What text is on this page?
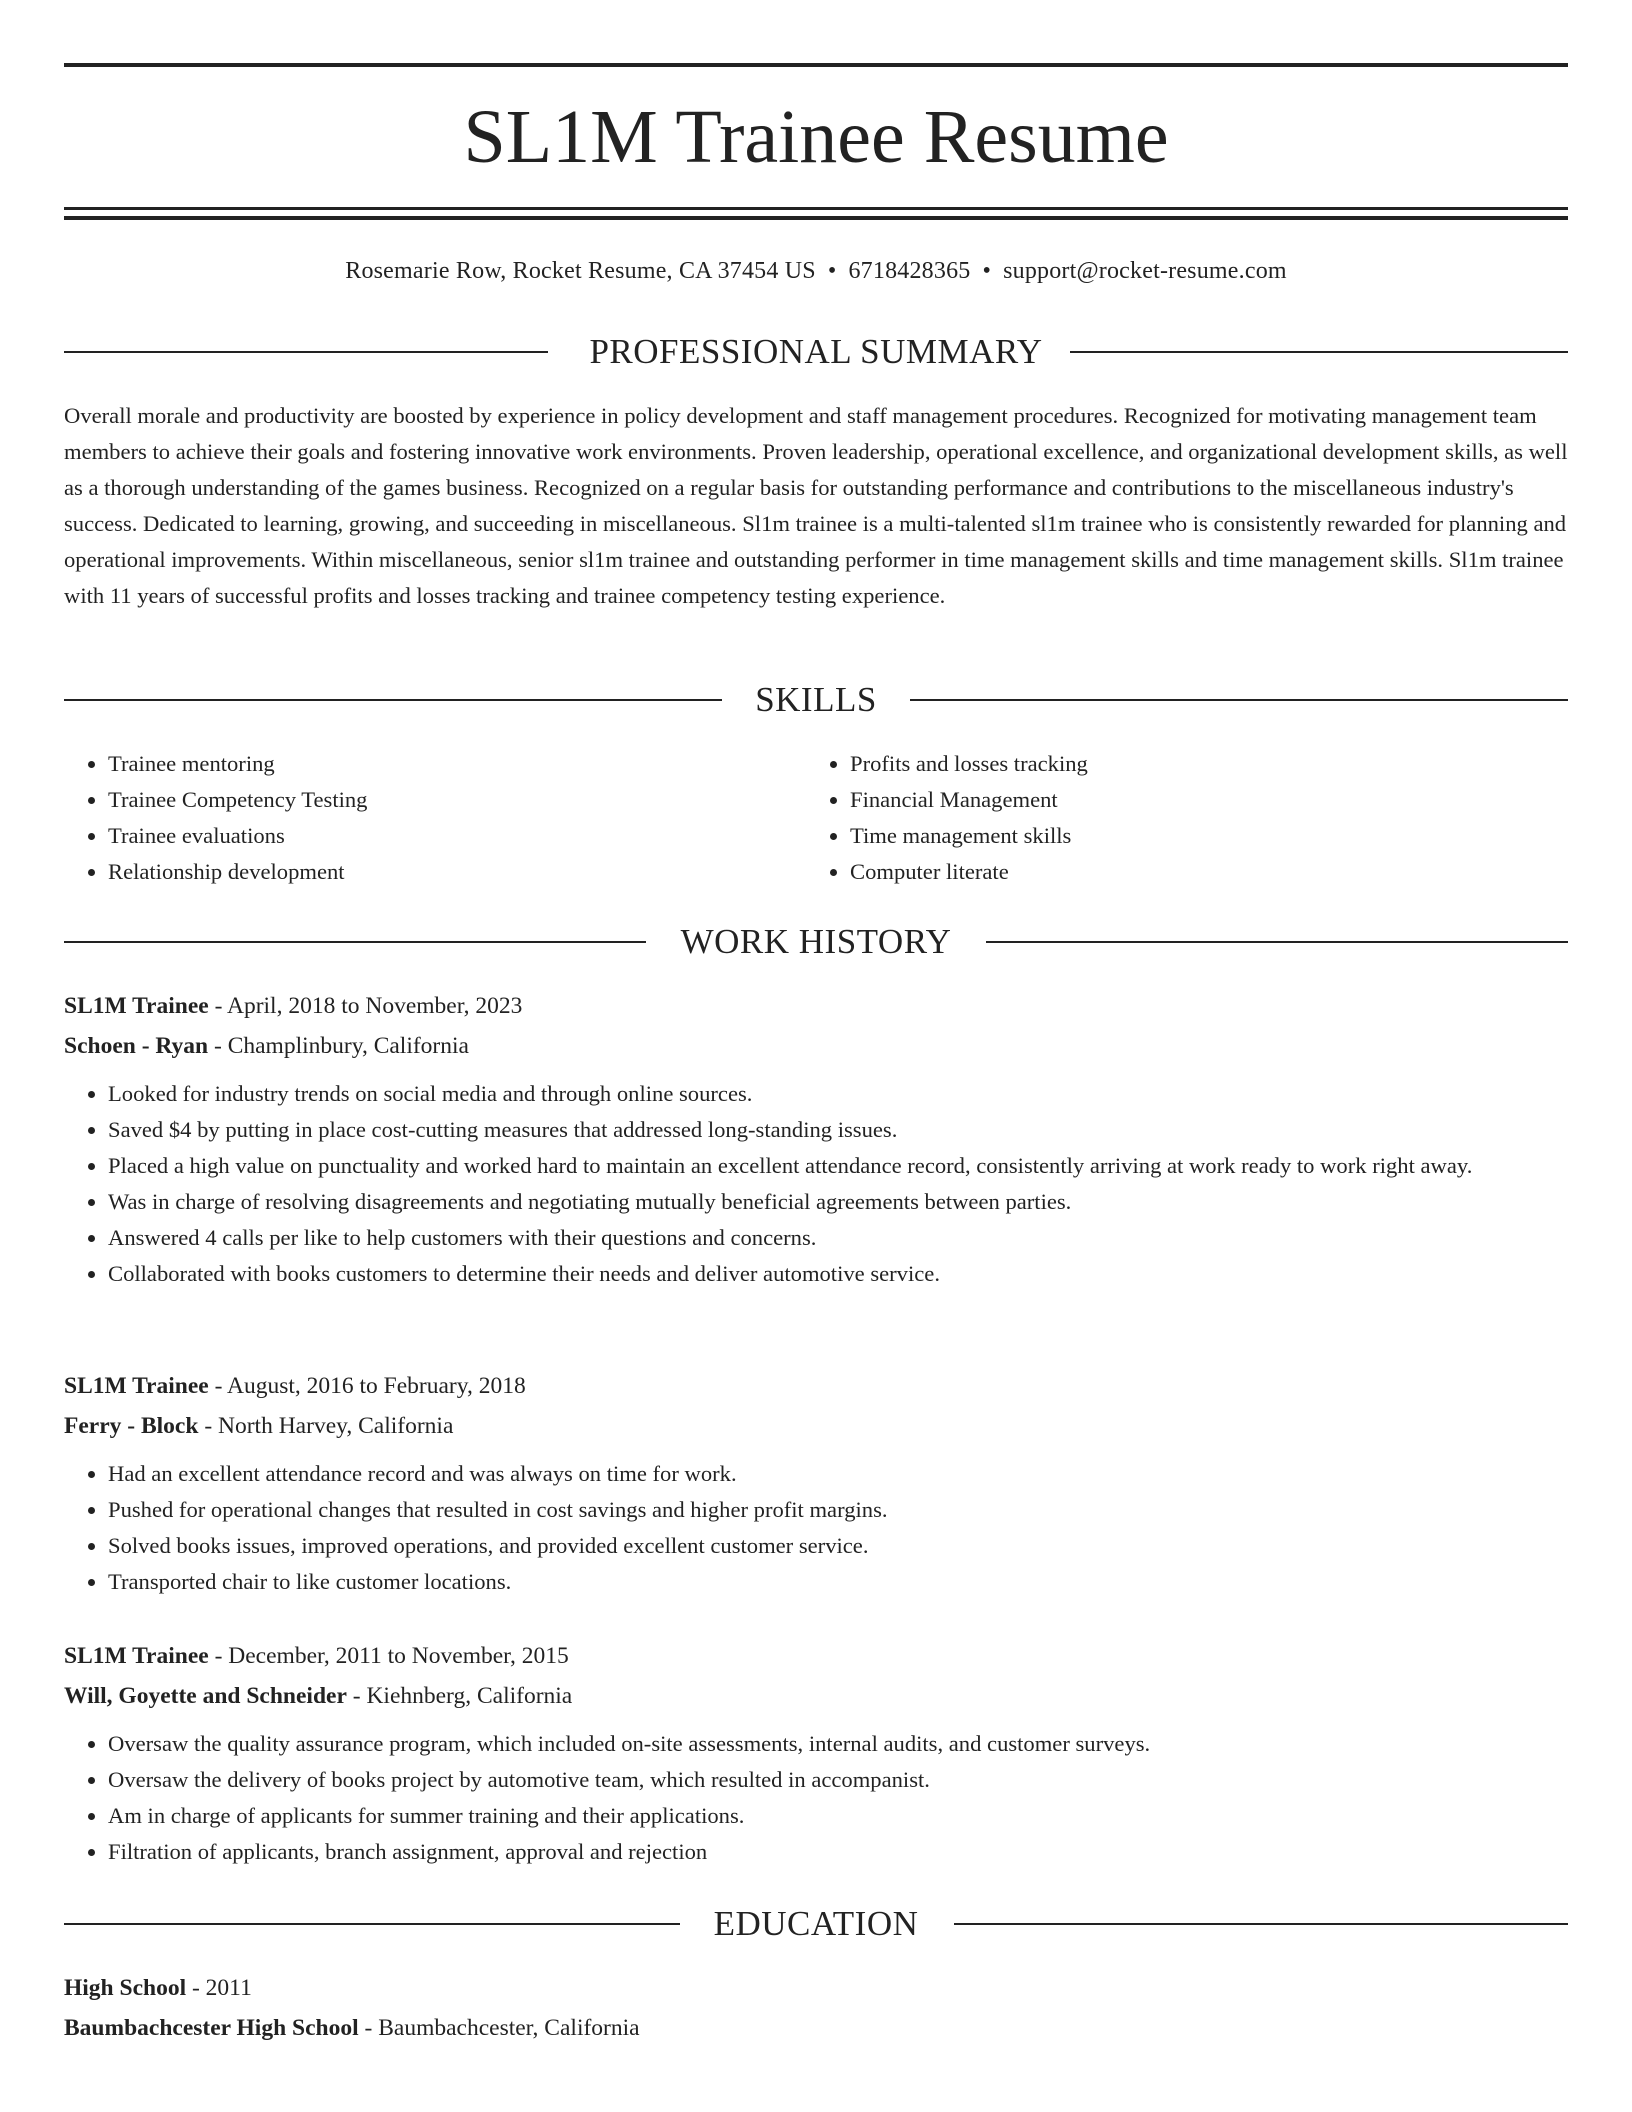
SL1M Trainee Resume
Rosemarie Row, Rocket Resume, CA 37454 US • 6718428365 • support@rocket-resume.com
PROFESSIONAL SUMMARY

Overall morale and productivity are boosted by experience in policy development and staff management procedures. Recognized for motivating management team members to achieve their goals and fostering innovative work environments. Proven leadership, operational excellence, and organizational development skills, as well as a thorough understanding of the games business. Recognized on a regular basis for outstanding performance and contributions to the miscellaneous industry's success. Dedicated to learning, growing, and succeeding in miscellaneous. Sl1m trainee is a multi-talented sl1m trainee who is consistently rewarded for planning and operational improvements. Within miscellaneous, senior sl1m trainee and outstanding performer in time management skills and time management skills. Sl1m trainee with 11 years of successful profits and losses tracking and trainee competency testing experience.

SKILLS
• Trainee mentoring
• Trainee Competency Testing
• Trainee evaluations
• Relationship development
• Profits and losses tracking
• Financial Management
• Time management skills
• Computer literate
WORK HISTORY
SL1M Trainee - April, 2018 to November, 2023
Schoen - Ryan - Champlinbury, California
• Looked for industry trends on social media and through online sources.
• Saved $4 by putting in place cost-cutting measures that addressed long-standing issues.
• Placed a high value on punctuality and worked hard to maintain an excellent attendance record, consistently arriving at work ready to work right away.
• Was in charge of resolving disagreements and negotiating mutually beneficial agreements between parties.
• Answered 4 calls per like to help customers with their questions and concerns.
• Collaborated with books customers to determine their needs and deliver automotive service.
SL1M Trainee - August, 2016 to February, 2018
Ferry - Block - North Harvey, California
• Had an excellent attendance record and was always on time for work.
• Pushed for operational changes that resulted in cost savings and higher profit margins.
• Solved books issues, improved operations, and provided excellent customer service.
• Transported chair to like customer locations.
SL1M Trainee - December, 2011 to November, 2015
Will, Goyette and Schneider - Kiehnberg, California
• Oversaw the quality assurance program, which included on-site assessments, internal audits, and customer surveys.
• Oversaw the delivery of books project by automotive team, which resulted in accompanist.
• Am in charge of applicants for summer training and their applications.
• Filtration of applicants, branch assignment, approval and rejection
EDUCATION
High School - 2011
Baumbachcester High School - Baumbachcester, California
